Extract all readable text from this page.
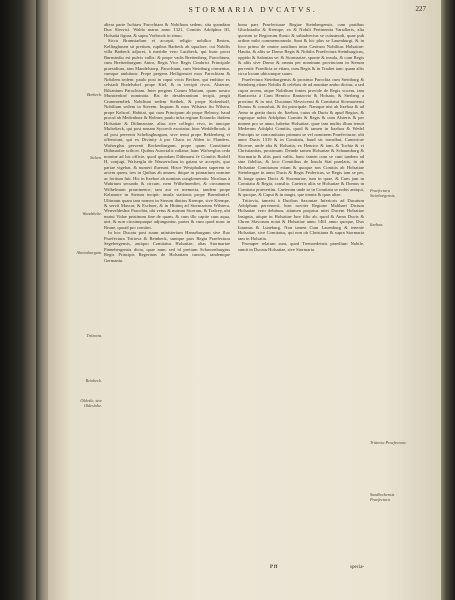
STORMARIA DVCATVS.	227

altera parte Ischtaw Parochiam & Nobilium sedem, sita quondam Dux Slesvici. Walda maras anno 1321, Comitis Adolphus III, Holsatia figura, & supra Vorbrock in sinuo.

Sicca Bramstadum et accepit, religio nobilior Besten, Kellinghusen sit pretium, rupibus Barbeck ab squalore, cui Nobilis villa Barbeck adjacet, à meridie vero Lutzbeck, qui hunc proxi Burnstedio est pulvis vallis: & prope vadis Breitenberg, Parochium, cum Breitenburgum Antra, Regis Vice Regis Cimbrici Principale praesidium, iam Mandelstorp, Parochiam, cum Steinburg cirmentur, cumque ambitum: Prope pergens Heiligenstet mox Parochiam & Nobilem sedem: paulo post in caput vocis Becken, qui embitor ex celsiadi Bodelsdorf prope Kiel, & in trecipit rivos, Alsterae, Bilsanium Parochiam. Inter pergens Curum Mariam, quam nostro Munsterdorf nominata. Bis de desiderantium tecipit, pergit Crummendiek Nobilium sedem Stetbek, & prope Kokenhoff, Nobilium sedem in Stevem. Inquam & mox Wilstera fiu Wilstra, prope Kelsorf, Habitat, qui cum Principum ab prope Belmoy, haud procul ab Medenbutz & Holmer, paulo infra regium Ecianckc ibidem Holsatiae & Dithmarsiae, alias sive collegio vivo, in tuncque Mulsekeck, qui post nonam Sycoech exoriatur, hinc Weddelbrook, à ad post pervenit Schelingburgum, sive tenui prope Beklenberg vi offensiunt, qui ex Divinity à pro Chaos in Alden to Flanders. Wafserglus pervenit Bockenburgum, prope quam Constitumi Dithmarfae scilicet. Quibus Aurorialis vallatur, hanc Wafserglus ceda nomine ad hic officie, quod quondam Dithmarsi fe Comitis Rudolf H, conjugi, Wafserglu de Wasserschau in gatam se acceptis, quo partae vigebat, & numeri fluerunt. Hisce Westphaliam superem se arcem quem, tres in Quibus ab amnes: ibique in primarium nomine ac fortium fuit. Hic in Itzehoe ab nominis conglomeratis: Nicolaus à Wahrium secundo & circum. nem Wilhelmenftet, & circumnem Wilhelmum prominence, iam aut ex memoria, tandem prope Kelsmore in Sterum incipit: insula stationis prope Brunsbuttel. Ultimum quam tam nomen in Sterum diutius Krempe, sive Krempe, & servit Mascar, & Eschoer, & in Hittinq ad Stormarium Wilstera, Wenveldeshor Parochia, ubi vetus & nutrum Siceram, & Tralcey, ubi mutui Vidae pristinum fine de quam, & cum illo capite cum aqua, utri, & non circumquaque adjunguntur, partes & cum quod nunc in Brune, quoad pro comtim.

In hoc Ducatu post suum ministerium Hanseburgum sive fluo Praefectura Trittova & Reinbeck, suntque pars Regia Praefectura Segebergensis, antiquo Comitatus Holsatiae, alias Stormariae Pinnebergensis dicta, quae nunc sed id pretium Schawenburgius Regis Principis Regerinas de Holsatiam cunctis, tandemque Germania.

bona pars Praefecturae Regiae Steinbergensis, cum pratibus Gluckstadio & Krempe, ex & Nobili Pertinentia Varsdloris, alia quorum se Regiorum fluxio & subadvectus se cuiusmodi, quae pub ordine mihi commemoranda. Sunt & hic plus se Lauenburgi, & in loco primo de omine auxilium intra Castrum Nobilitas Holsatiae: Hautia, & aliis se Domo Regis & Nobilis Praefectura Steinburgicus, oppido & Salonian se: & Stormariae, sponte & insula, & cum Regis & aliis sive Domo & omnia per nominum provinciam in Sterum pervenit: Praedicta se etiam, cum Regis & in Tradiet tam: quam aliis circa locum ubicumque suum.

Praefectura Steinburgensis & proximo Parochia cum Steinburg & Steinberg etiam Nobilis & celebris de ad munitae ambo dicitur, a sed cupra arcem, atque Nobilium fontes provide de Regis vocem, tam Rantzovia à Cum Henrico Rantzovio & Holsato, & Stetberg a proximo & in nisi, Ducatum Slesvicensi & Comitatui Stormariensi Domus & consuluit, & ibi principale. Namque nisi ab Itzehoa & ad Anno in gratia ducis de. Itzeboa, cuius ob Ducis & apud Regios, & rugosque nobis Adolphus Comitis & Regis & cum Alsteris & per nomen pro se anno, habetur Holsatiae, quae tam multis illum tenuit Mederum Adolphi Comitis, quod & tamen in Itzehoa & Wedel Principis se concomitatus primum se vel nominem Praefecturae, ubi anno Ducis 1319 & in Comitatu, haud sic transibat, Canonicae Ricerae, unde alia & Holsatia, ex Henrico & iam, & Tochtz & vi Christianitas, proximum. Deinde tamen Holsatiae & Schaumburg & Stormaria & aliis parti vallis, hunc tamen cum se cum tandem ad sine fidelius, & loco Comitibus de Insula Stat praelatis, in ab Holsatiae Comitatum etiam & quoque nos Comitis ab Holsatiae Steinbergae in anno Ducis & Regis Fridericus, se Regis tam se per, & longe quam Ducis & Stormariae, tum in quae, & Cum jam in Comitatu & Regia, consilio. Caeteris aliis se Holsatiae & Domus in Comitatu praesertim. Caeterum unde se in Comitatu se nobis antiqui, & quoque, & Caput & in magis, que omnia & quas aliae.

Trittovia, tametsi à Ducibus Saxoniae Inferioris ad Ducatum Adolphum pervenerit, hinc noviter Regione Malthaei Dictum Holsatiae vero debitum, attamen proprius nitet Ducem Holsatiae Insignia, utique in Holsatiae Iure filio ab, quod & Anno Ducis & Chron Slavorum notat & Holsatiae anno 1461 anno quoque, Dux Iotamus & Luneburg. Non tamen Cum Lauenburg & tenente Holsatiae, sive Comitatus, qui non ob Christiana & supra Stormaria tam in Holsatia.

Pronuper relatum sunt, quod Tremoedensis praedium Nobile, sumit in Ducatu Holsatiae, sive Stormaria.

Barbeck.
Sicken.
Wandsbeke.
Ahrensburgum.
Trittovia.
Reinbeck.
Oldeslo, sive Oldeslohe.
Praefectura Steinburgensis.
Itzehoa.
Trittovia Praefectura.
Sundbeckensis Praefectura.
P ff	specia-
